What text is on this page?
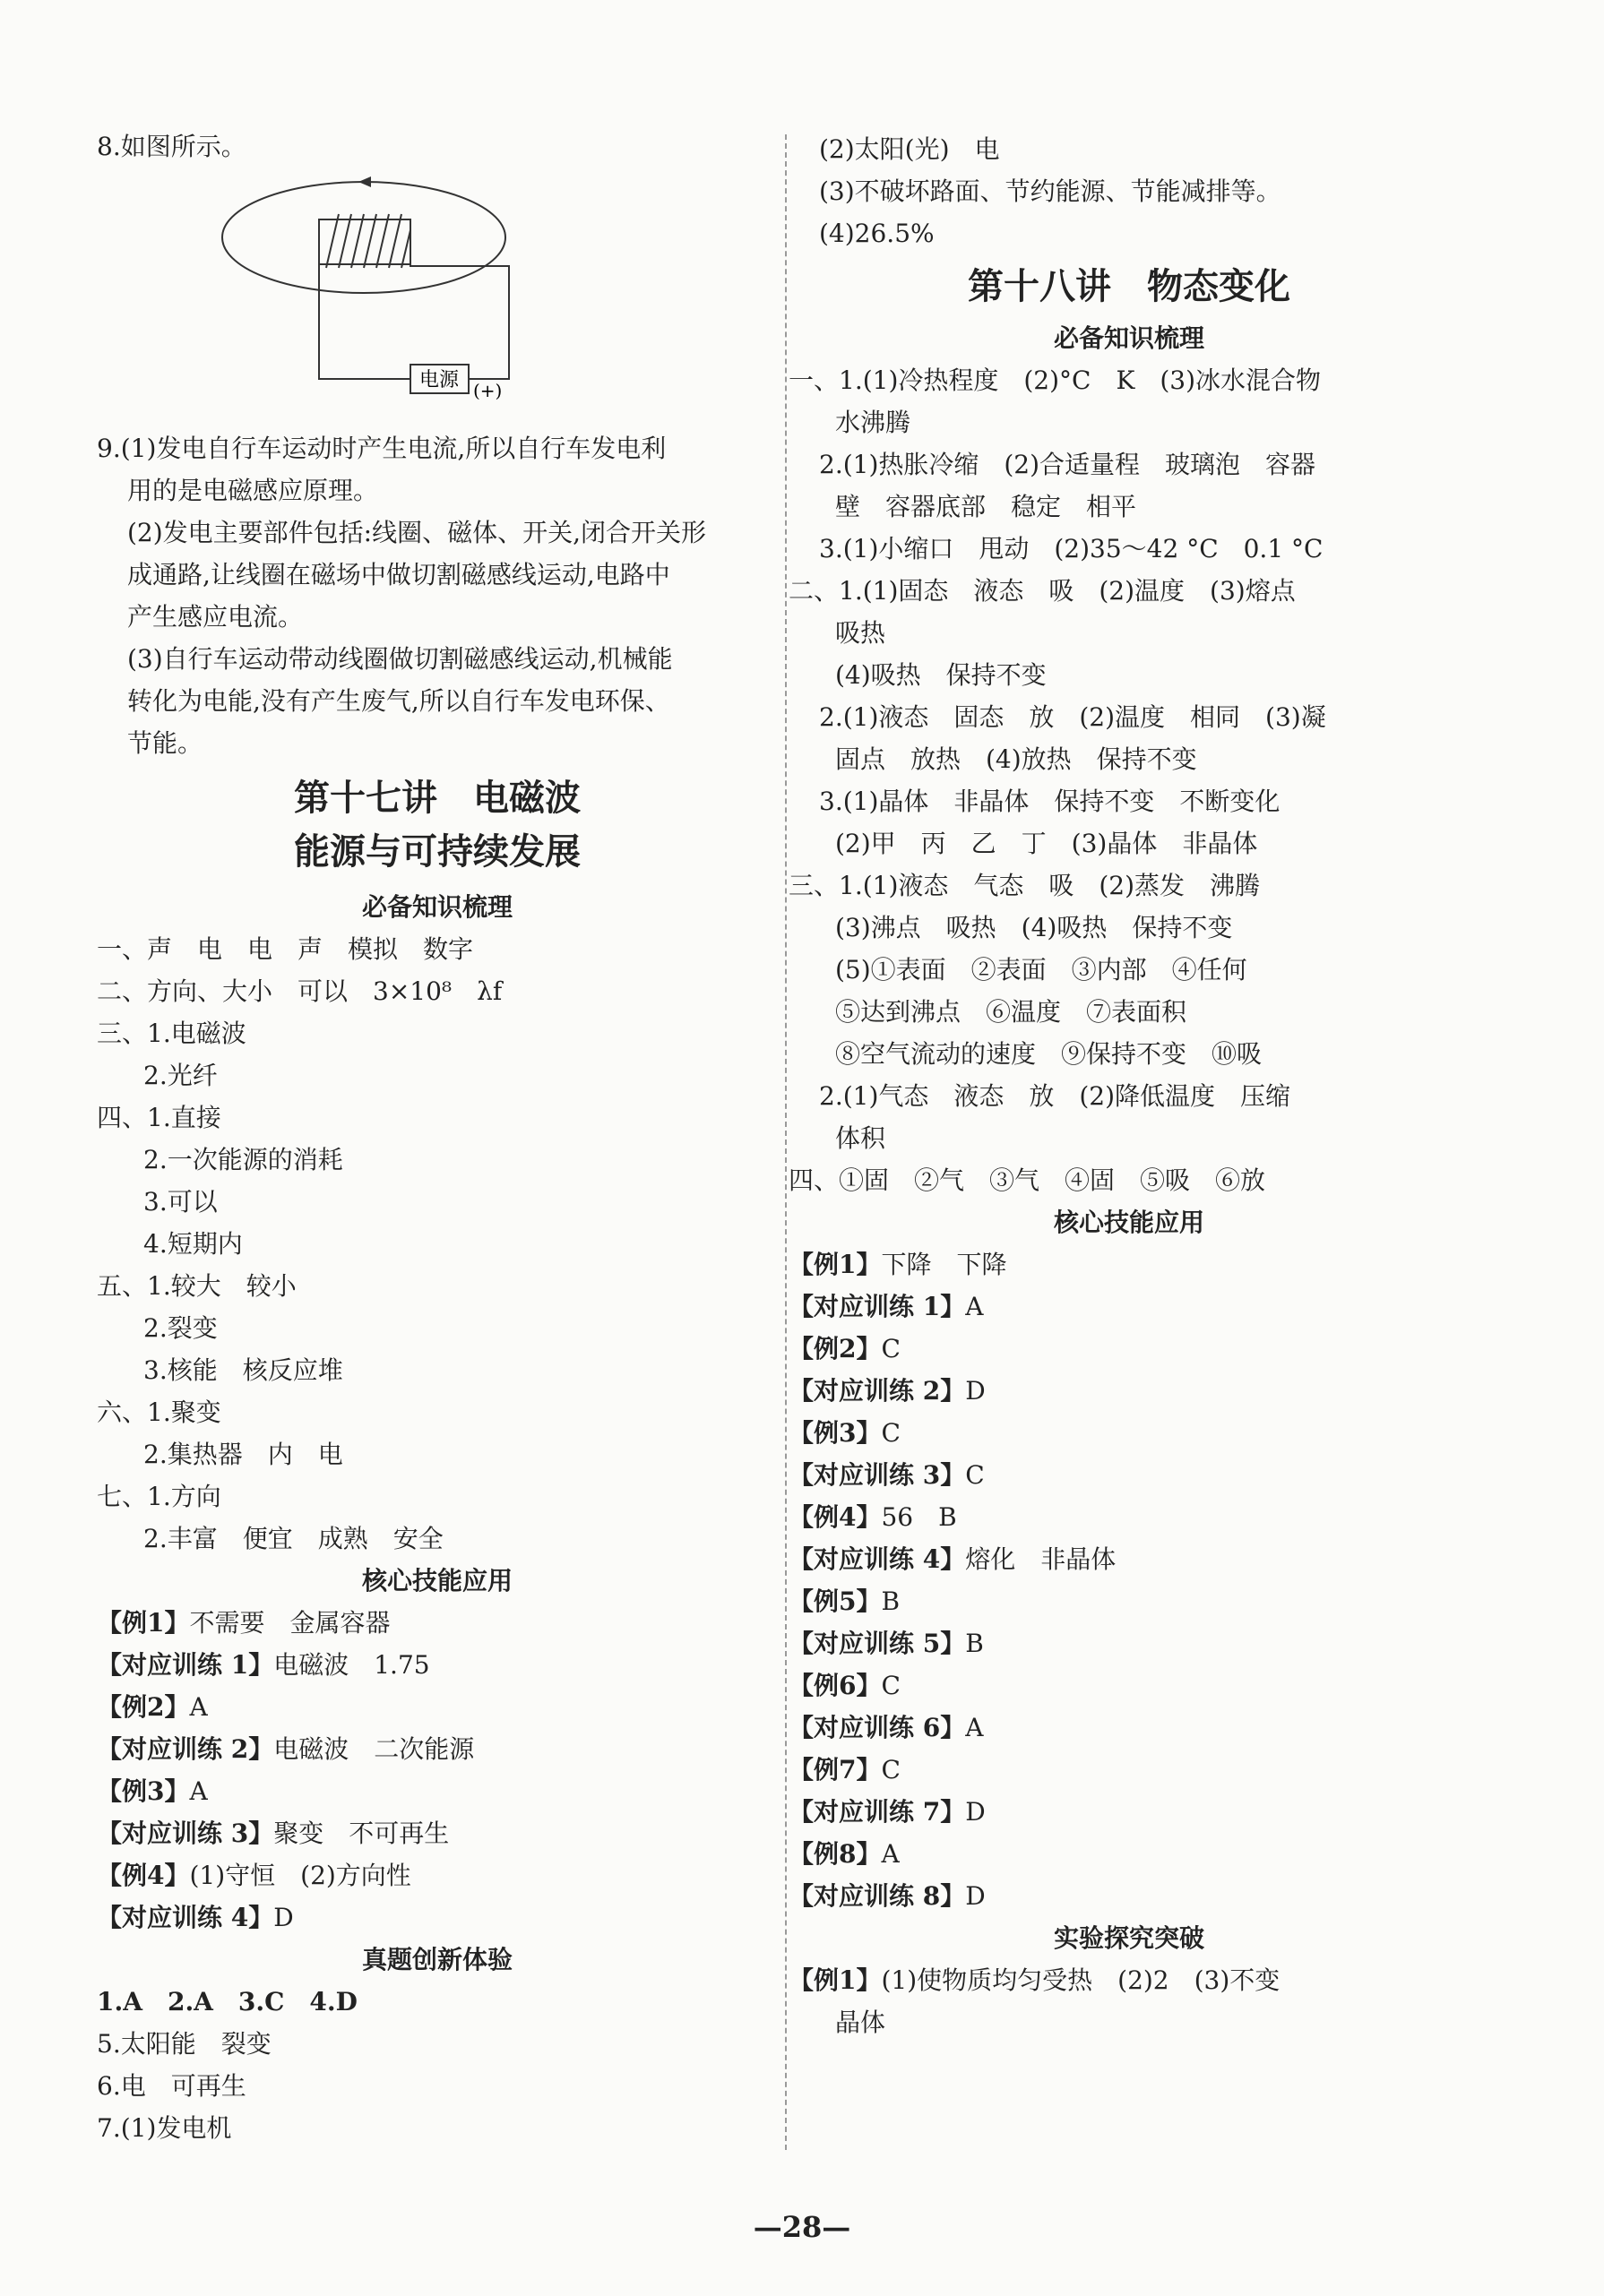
8.如图所示。
电源 (+)
9.(1)发电自行车运动时产生电流,所以自行车发电利
用的是电磁感应原理。
(2)发电主要部件包括:线圈、磁体、开关,闭合开关形
成通路,让线圈在磁场中做切割磁感线运动,电路中
产生感应电流。
(3)自行车运动带动线圈做切割磁感线运动,机械能
转化为电能,没有产生废气,所以自行车发电环保、
节能。
第十七讲　电磁波
能源与可持续发展
必备知识梳理
一、声　电　电　声　模拟　数字
二、方向、大小　可以　3×10⁸　λf
三、1.电磁波
2.光纤
四、1.直接
2.一次能源的消耗
3.可以
4.短期内
五、1.较大　较小
2.裂变
3.核能　核反应堆
六、1.聚变
2.集热器　内　电
七、1.方向
2.丰富　便宜　成熟　安全
核心技能应用
【例1】不需要　金属容器
【对应训练 1】电磁波　1.75
【例2】A
【对应训练 2】电磁波　二次能源
【例3】A
【对应训练 3】聚变　不可再生
【例4】(1)守恒　(2)方向性
【对应训练 4】D
真题创新体验
1.A　2.A　3.C　4.D
5.太阳能　裂变
6.电　可再生
7.(1)发电机
(2)太阳(光)　电
(3)不破坏路面、节约能源、节能减排等。
(4)26.5%
第十八讲　物态变化
必备知识梳理
一、1.(1)冷热程度　(2)°C　K　(3)冰水混合物
水沸腾
2.(1)热胀冷缩　(2)合适量程　玻璃泡　容器
壁　容器底部　稳定　相平
3.(1)小缩口　甩动　(2)35～42 °C　0.1 °C
二、1.(1)固态　液态　吸　(2)温度　(3)熔点
吸热
(4)吸热　保持不变
2.(1)液态　固态　放　(2)温度　相同　(3)凝
固点　放热　(4)放热　保持不变
3.(1)晶体　非晶体　保持不变　不断变化
(2)甲　丙　乙　丁　(3)晶体　非晶体
三、1.(1)液态　气态　吸　(2)蒸发　沸腾
(3)沸点　吸热　(4)吸热　保持不变
(5)①表面　②表面　③内部　④任何
⑤达到沸点　⑥温度　⑦表面积
⑧空气流动的速度　⑨保持不变　⑩吸
2.(1)气态　液态　放　(2)降低温度　压缩
体积
四、①固　②气　③气　④固　⑤吸　⑥放
核心技能应用
【例1】下降　下降
【对应训练 1】A
【例2】C
【对应训练 2】D
【例3】C
【对应训练 3】C
【例4】56　B
【对应训练 4】熔化　非晶体
【例5】B
【对应训练 5】B
【例6】C
【对应训练 6】A
【例7】C
【对应训练 7】D
【例8】A
【对应训练 8】D
实验探究突破
【例1】(1)使物质均匀受热　(2)2　(3)不变
晶体
—28—
